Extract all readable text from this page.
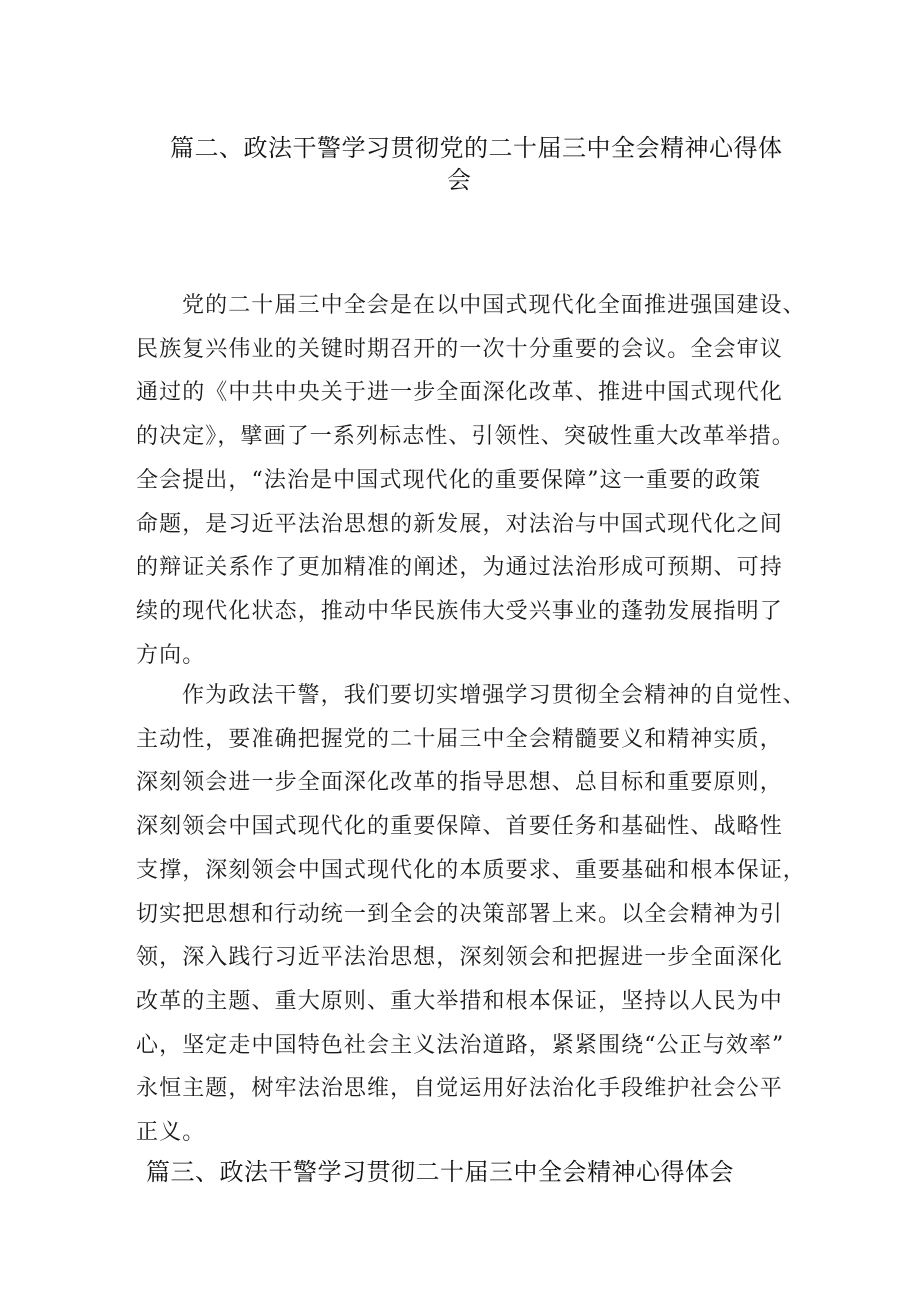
篇二、政法干警学习贯彻党的二十届三中全会精神心得体
会
党的二十届三中全会是在以中国式现代化全面推进强国建设、
民族复兴伟业的关键时期召开的一次十分重要的会议。全会审议
通过的《中共中央关于进一步全面深化改革、推进中国式现代化
的决定》，擘画了一系列标志性、引领性、突破性重大改革举措。
全会提出，“法治是中国式现代化的重要保障”这一重要的政策
命题，是习近平法治思想的新发展，对法治与中国式现代化之间
的辩证关系作了更加精准的阐述，为通过法治形成可预期、可持
续的现代化状态，推动中华民族伟大受兴事业的蓬勃发展指明了
方向。
作为政法干警，我们要切实增强学习贯彻全会精神的自觉性、
主动性，要准确把握党的二十届三中全会精髓要义和精神实质，
深刻领会进一步全面深化改革的指导思想、总目标和重要原则，
深刻领会中国式现代化的重要保障、首要任务和基础性、战略性
支撑，深刻领会中国式现代化的本质要求、重要基础和根本保证，
切实把思想和行动统一到全会的决策部署上来。以全会精神为引
领，深入践行习近平法治思想，深刻领会和把握进一步全面深化
改革的主题、重大原则、重大举措和根本保证，坚持以人民为中
心，坚定走中国特色社会主义法治道路，紧紧围绕“公正与效率”
永恒主题，树牢法治思维，自觉运用好法治化手段维护社会公平
正义。
篇三、政法干警学习贯彻二十届三中全会精神心得体会
